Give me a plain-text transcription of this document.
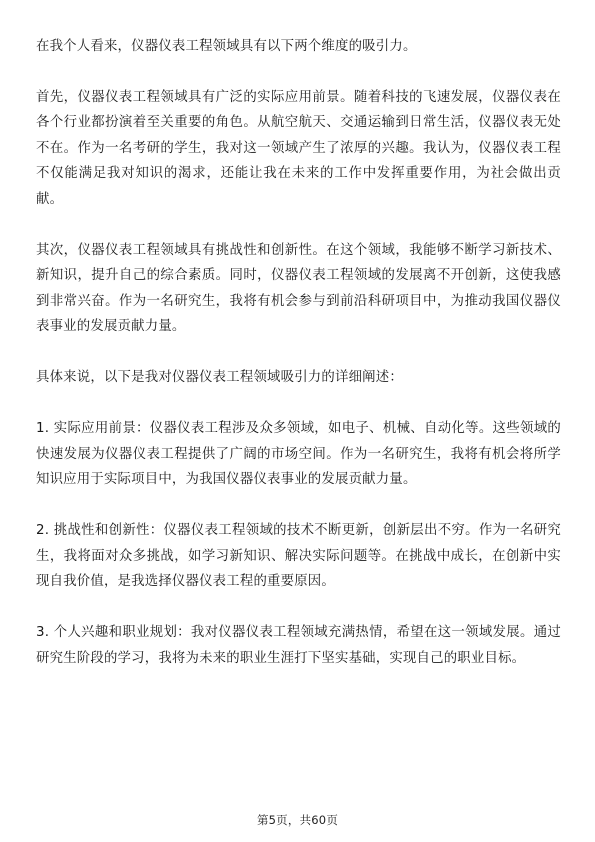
在我个人看来，仪器仪表工程领域具有以下两个维度的吸引力。

首先，仪器仪表工程领域具有广泛的实际应用前景。随着科技的飞速发展，仪器仪表在各个行业都扮演着至关重要的角色。从航空航天、交通运输到日常生活，仪器仪表无处不在。作为一名考研的学生，我对这一领域产生了浓厚的兴趣。我认为，仪器仪表工程不仅能满足我对知识的渴求，还能让我在未来的工作中发挥重要作用，为社会做出贡献。

其次，仪器仪表工程领域具有挑战性和创新性。在这个领域，我能够不断学习新技术、新知识，提升自己的综合素质。同时，仪器仪表工程领域的发展离不开创新，这使我感到非常兴奋。作为一名研究生，我将有机会参与到前沿科研项目中，为推动我国仪器仪表事业的发展贡献力量。

具体来说，以下是我对仪器仪表工程领域吸引力的详细阐述：

1. 实际应用前景：仪器仪表工程涉及众多领域，如电子、机械、自动化等。这些领域的快速发展为仪器仪表工程提供了广阔的市场空间。作为一名研究生，我将有机会将所学知识应用于实际项目中，为我国仪器仪表事业的发展贡献力量。

2. 挑战性和创新性：仪器仪表工程领域的技术不断更新，创新层出不穷。作为一名研究生，我将面对众多挑战，如学习新知识、解决实际问题等。在挑战中成长，在创新中实现自我价值，是我选择仪器仪表工程的重要原因。

3. 个人兴趣和职业规划：我对仪器仪表工程领域充满热情，希望在这一领域发展。通过研究生阶段的学习，我将为未来的职业生涯打下坚实基础，实现自己的职业目标。

第5页，共60页
